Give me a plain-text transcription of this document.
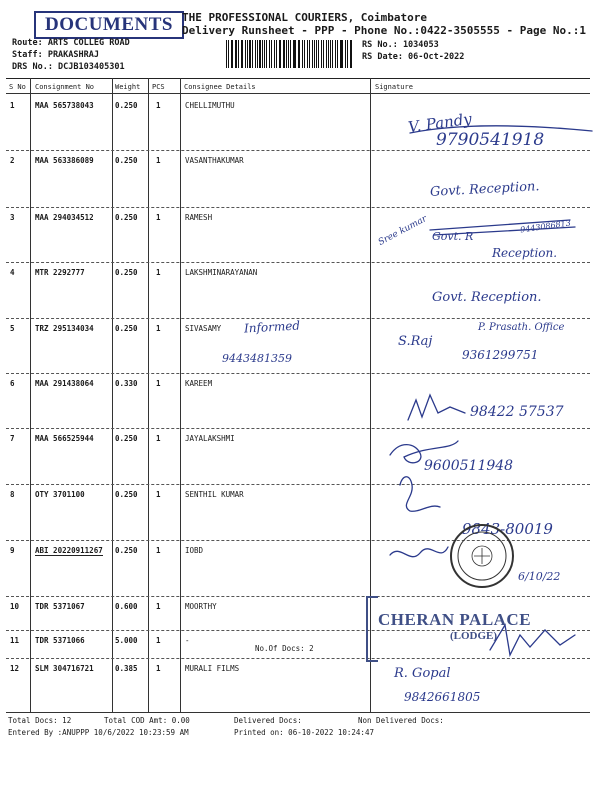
DOCUMENTS THE PROFESSIONAL COURIERS, Coimbatore
Delivery Runsheet - PPP - Phone No.:0422-3505555 - Page No.:1
Route: ARTS COLLEG ROAD
Staff: PRAKASHRAJ
DRS No.: DCJB103405301
RS No.: 1034053
RS Date: 06-Oct-2022
S No Consignment No	Weight PCS	Consignee Details	Signature
1	MAA 565738043	0.250 1	CHELLIMUTHU
2	MAA 563386089	0.250 1	VASANTHAKUMAR
3	MAA 294034512	0.250 1	RAMESH
4	MTR 2292777	0.250 1	LAKSHMINARAYANAN
5	TRZ 295134034	0.250 1	SIVASAMY
6	MAA 291438064	0.330 1	KAREEM
7	MAA 566525944	0.250 1	JAYALAKSHMI
8	OTY 3701100	0.250 1	SENTHIL KUMAR
9	ABI 20220911267 0.250 1	IOBD
10 TDR 5371067	0.600 1	MOORTHY
11 TDR 5371066	5.000 1	-
No.Of Docs: 2
12 SLM 304716721	0.385 1	MURALI FILMS
V. Pandy
9790541918
Govt. Reception.
Sree kumar Govt. R
9443086813
Reception.
Govt. Reception.
Informed
9443481359
S.Raj
P. Prasath. Office
9361299751
98422 57537
9600511948
9843-80019
6/10/22
R. Gopal
9842661805
CHERAN PALACE
(LODGE)
Total Docs: 12	Total COD Amt: 0.00	Delivered Docs:	Non Delivered Docs:
Entered By :ANUPPP 10/6/2022 10:23:59 AM	Printed on: 06-10-2022 10:24:47
